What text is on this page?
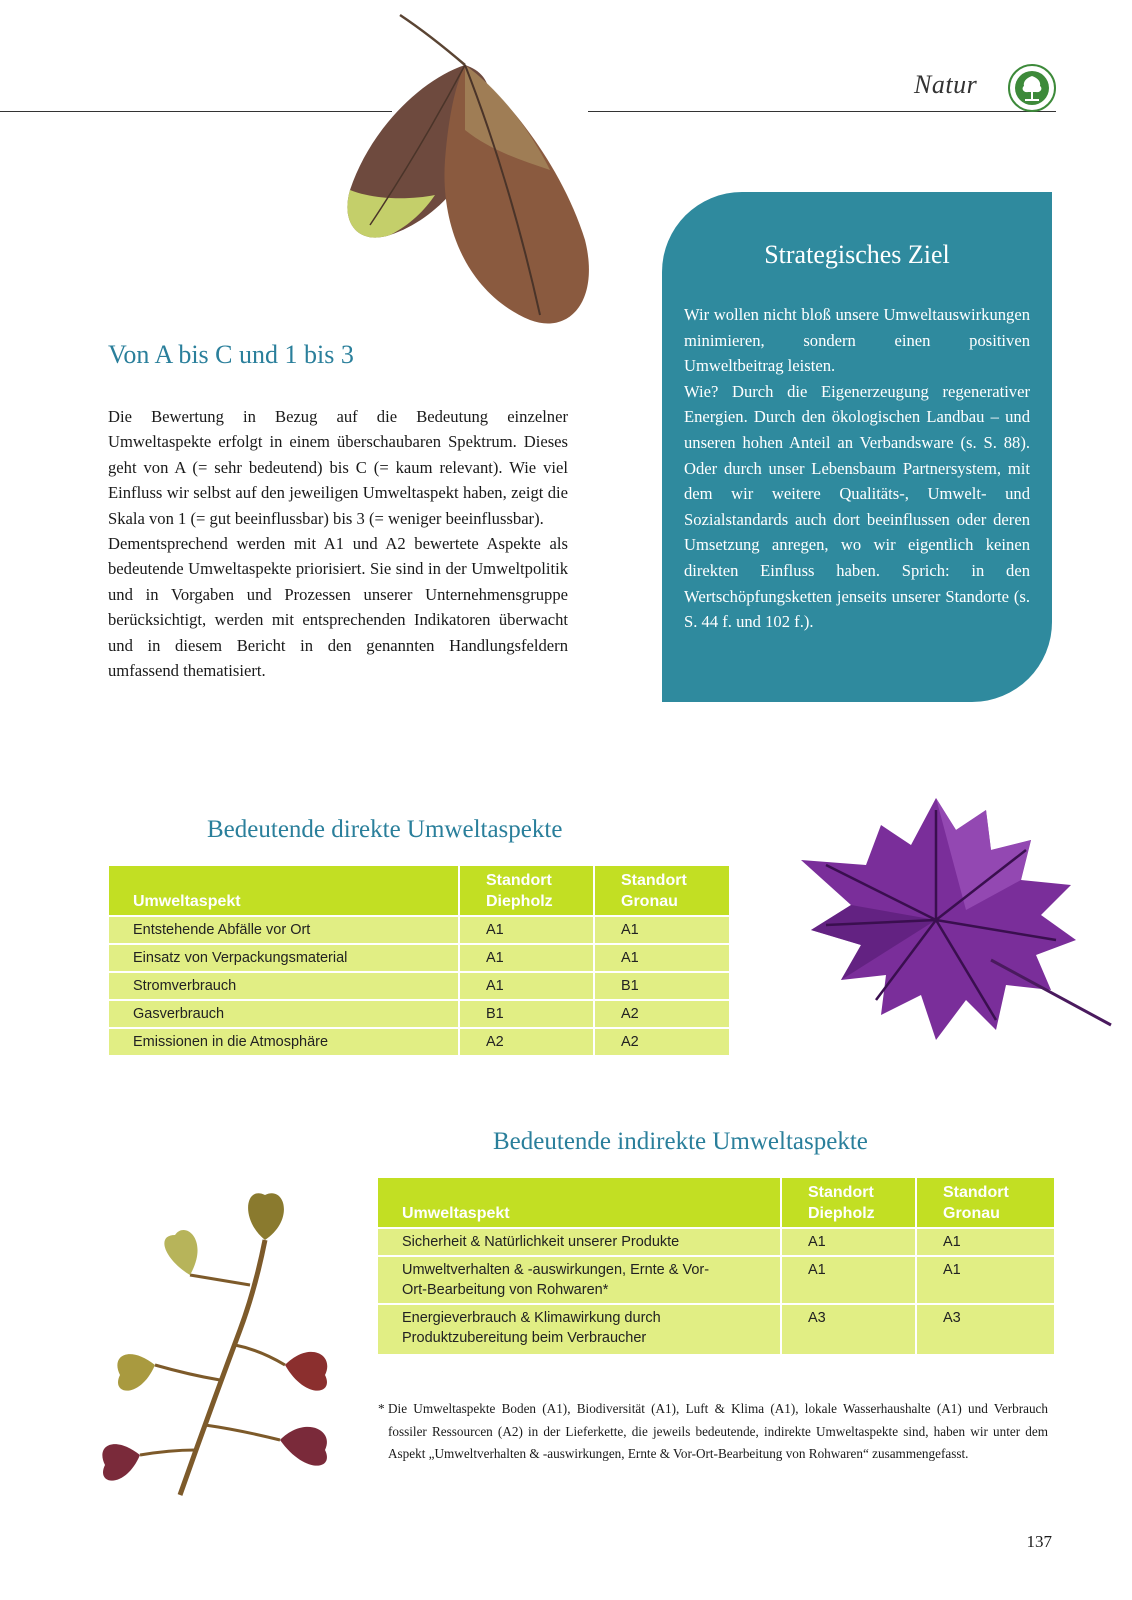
Natur
Von A bis C und 1 bis 3

Die Bewertung in Bezug auf die Bedeutung einzelner Umweltaspekte erfolgt in einem überschaubaren Spektrum. Dieses geht von A (= sehr bedeutend) bis C (= kaum relevant). Wie viel Einfluss wir selbst auf den jeweiligen Umweltaspekt haben, zeigt die Skala von 1 (= gut beeinflussbar) bis 3 (= weniger beeinflussbar).

Dementsprechend werden mit A1 und A2 bewertete Aspekte als bedeutende Umweltaspekte priorisiert. Sie sind in der Umweltpolitik und in Vorgaben und Prozessen unserer Unternehmensgruppe berücksichtigt, werden mit entsprechenden Indikatoren überwacht und in diesem Bericht in den genannten Handlungsfeldern umfassend thematisiert.

Strategisches Ziel

Wir wollen nicht bloß unsere Umweltauswirkungen minimieren, sondern einen positiven Umweltbeitrag leisten.

Wie? Durch die Eigenerzeugung regenerativer Energien. Durch den ökologischen Landbau – und unseren hohen Anteil an Verbandsware (s. S. 88). Oder durch unser Lebensbaum Partnersystem, mit dem wir weitere Qualitäts-, Umwelt- und Sozialstandards auch dort beeinflussen oder deren Umsetzung anregen, wo wir eigentlich keinen direkten Einfluss haben. Sprich: in den Wertschöpfungsketten jenseits unserer Standorte (s. S. 44 f. und 102 f.).

Bedeutende direkte Umweltaspekte
Umweltaspekt	Standort Diepholz	Standort Gronau
Entstehende Abfälle vor Ort	A1	A1
Einsatz von Verpackungsmaterial	A1	A1
Stromverbrauch	A1	B1
Gasverbrauch	B1	A2
Emissionen in die Atmosphäre	A2	A2
Bedeutende indirekte Umweltaspekte
Umweltaspekt	Standort Diepholz	Standort Gronau
Sicherheit & Natürlichkeit unserer Produkte	A1	A1
Umweltverhalten & -auswirkungen, Ernte & Vor-Ort-Bearbeitung von Rohwaren*	A1	A1
Energieverbrauch & Klimawirkung durch Produktzubereitung beim Verbraucher	A3	A3
* Die Umweltaspekte Boden (A1), Biodiversität (A1), Luft & Klima (A1), lokale Wasserhaushalte (A1) und Verbrauch fossiler Ressourcen (A2) in der Lieferkette, die jeweils bedeutende, indirekte Umweltaspekte sind, haben wir unter dem Aspekt „Umweltverhalten & -auswirkungen, Ernte & Vor-Ort-Bearbeitung von Rohwaren“ zusammengefasst.
137
